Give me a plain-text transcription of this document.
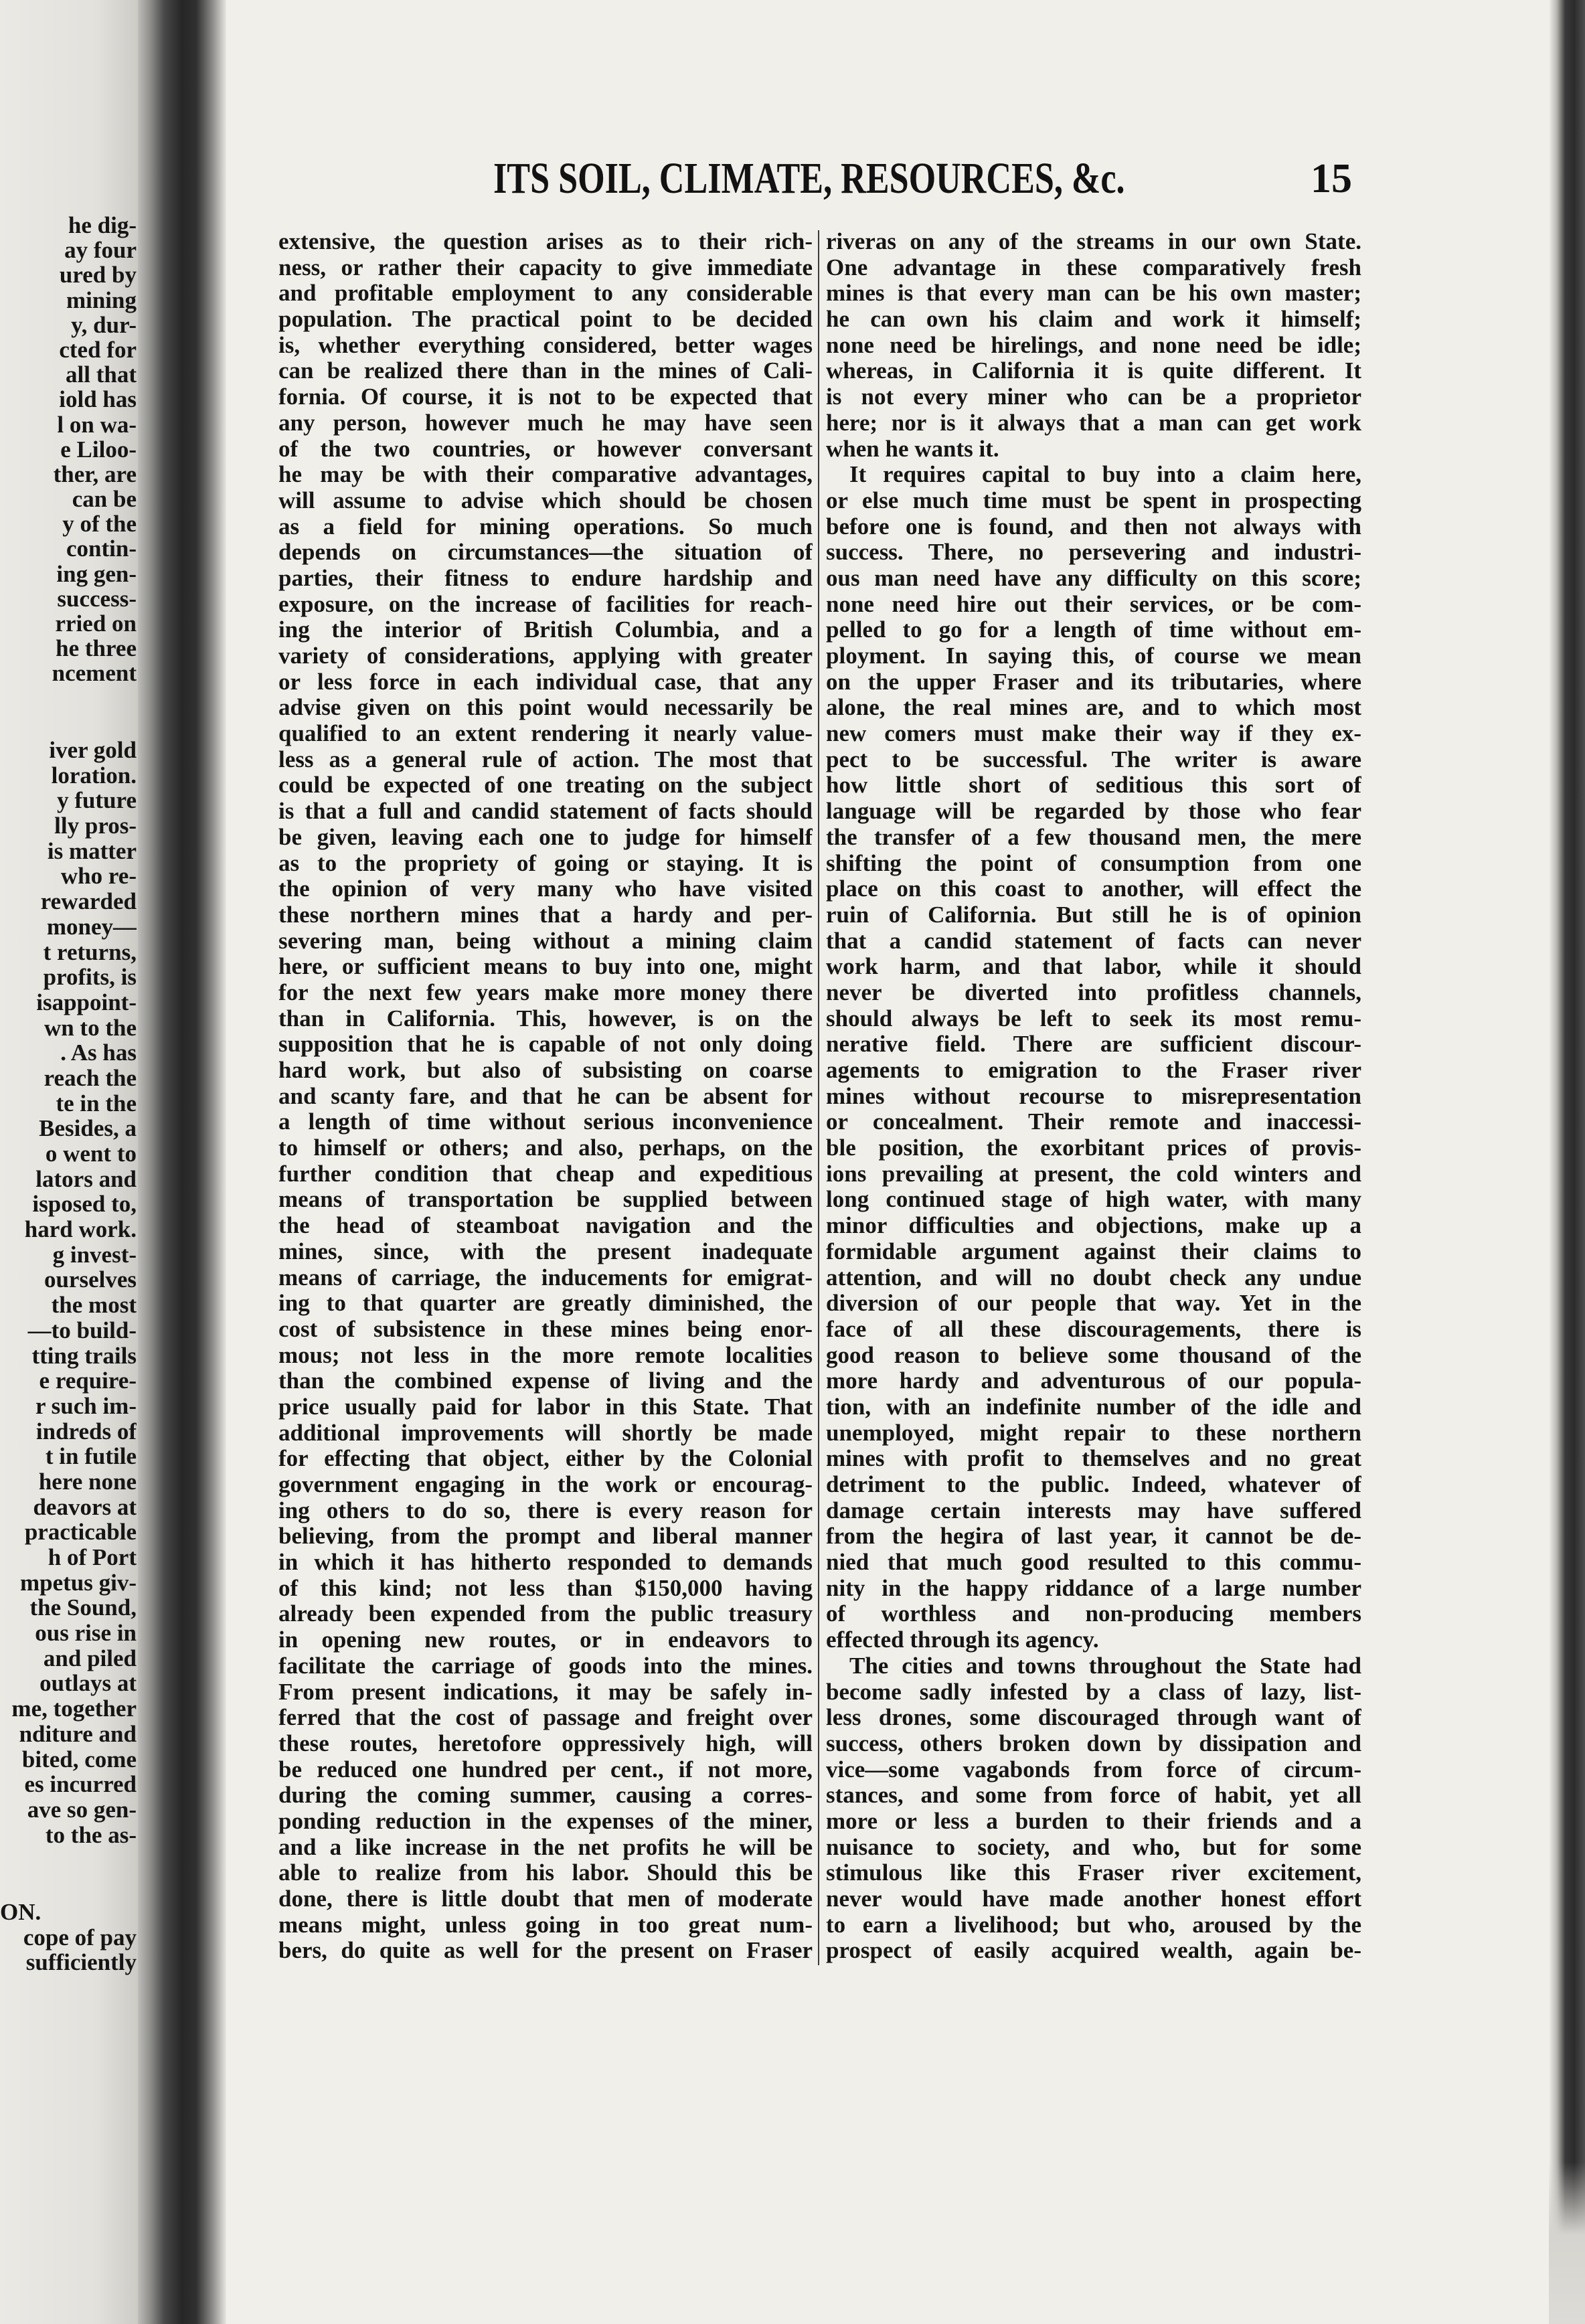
he dig-
ay four
ured by
mining
y, dur-
cted for
all that
iold has
l on wa-
e Liloo-
ther, are
can be
y of the
contin-
ing gen-
success-
rried on
he three
ncement
iver gold
loration.
y future
lly pros-
is matter
who re-
rewarded
money—
t returns,
profits, is
isappoint-
wn to the
. As has
reach the
te in the
Besides, a
o went to
lators and
isposed to,
hard work.
g invest-
ourselves
the most
—to build-
tting trails
e require-
r such im-
indreds of
t in futile
here none
deavors at
practicable
h of Port
mpetus giv-
the Sound,
ous rise in
and piled
outlays at
me, together
nditure and
bited, come
es incurred
ave so gen-
to the as-
ON.
cope of pay
sufficiently
ITS SOIL, CLIMATE, RESOURCES, &c.	15
extensive, the question arises as to their rich-
ness, or rather their capacity to give immediate
and profitable employment to any considerable
population. The practical point to be decided
is, whether everything considered, better wages
can be realized there than in the mines of Cali-
fornia. Of course, it is not to be expected that
any person, however much he may have seen
of the two countries, or however conversant
he may be with their comparative advantages,
will assume to advise which should be chosen
as a field for mining operations. So much
depends on circumstances—the situation of
parties, their fitness to endure hardship and
exposure, on the increase of facilities for reach-
ing the interior of British Columbia, and a
variety of considerations, applying with greater
or less force in each individual case, that any
advise given on this point would necessarily be
qualified to an extent rendering it nearly value-
less as a general rule of action. The most that
could be expected of one treating on the subject
is that a full and candid statement of facts should
be given, leaving each one to judge for himself
as to the propriety of going or staying. It is
the opinion of very many who have visited
these northern mines that a hardy and per-
severing man, being without a mining claim
here, or sufficient means to buy into one, might
for the next few years make more money there
than in California. This, however, is on the
supposition that he is capable of not only doing
hard work, but also of subsisting on coarse
and scanty fare, and that he can be absent for
a length of time without serious inconvenience
to himself or others; and also, perhaps, on the
further condition that cheap and expeditious
means of transportation be supplied between
the head of steamboat navigation and the
mines, since, with the present inadequate
means of carriage, the inducements for emigrat-
ing to that quarter are greatly diminished, the
cost of subsistence in these mines being enor-
mous; not less in the more remote localities
than the combined expense of living and the
price usually paid for labor in this State. That
additional improvements will shortly be made
for effecting that object, either by the Colonial
government engaging in the work or encourag-
ing others to do so, there is every reason for
believing, from the prompt and liberal manner
in which it has hitherto responded to demands
of this kind; not less than $150,000 having
already been expended from the public treasury
in opening new routes, or in endeavors to
facilitate the carriage of goods into the mines.
From present indications, it may be safely in-
ferred that the cost of passage and freight over
these routes, heretofore oppressively high, will
be reduced one hundred per cent., if not more,
during the coming summer, causing a corres-
ponding reduction in the expenses of the miner,
and a like increase in the net profits he will be
able to realize from his labor. Should this be
done, there is little doubt that men of moderate
means might, unless going in too great num-
bers, do quite as well for the present on Fraser
riveras on any of the streams in our own State.
One advantage in these comparatively fresh
mines is that every man can be his own master;
he can own his claim and work it himself;
none need be hirelings, and none need be idle;
whereas, in California it is quite different. It
is not every miner who can be a proprietor
here; nor is it always that a man can get work
when he wants it.
It requires capital to buy into a claim here,
or else much time must be spent in prospecting
before one is found, and then not always with
success. There, no persevering and industri-
ous man need have any difficulty on this score;
none need hire out their services, or be com-
pelled to go for a length of time without em-
ployment. In saying this, of course we mean
on the upper Fraser and its tributaries, where
alone, the real mines are, and to which most
new comers must make their way if they ex-
pect to be successful. The writer is aware
how little short of seditious this sort of
language will be regarded by those who fear
the transfer of a few thousand men, the mere
shifting the point of consumption from one
place on this coast to another, will effect the
ruin of California. But still he is of opinion
that a candid statement of facts can never
work harm, and that labor, while it should
never be diverted into profitless channels,
should always be left to seek its most remu-
nerative field. There are sufficient discour-
agements to emigration to the Fraser river
mines without recourse to misrepresentation
or concealment. Their remote and inaccessi-
ble position, the exorbitant prices of provis-
ions prevailing at present, the cold winters and
long continued stage of high water, with many
minor difficulties and objections, make up a
formidable argument against their claims to
attention, and will no doubt check any undue
diversion of our people that way. Yet in the
face of all these discouragements, there is
good reason to believe some thousand of the
more hardy and adventurous of our popula-
tion, with an indefinite number of the idle and
unemployed, might repair to these northern
mines with profit to themselves and no great
detriment to the public. Indeed, whatever of
damage certain interests may have suffered
from the hegira of last year, it cannot be de-
nied that much good resulted to this commu-
nity in the happy riddance of a large number
of worthless and non-producing members
effected through its agency.
The cities and towns throughout the State had
become sadly infested by a class of lazy, list-
less drones, some discouraged through want of
success, others broken down by dissipation and
vice—some vagabonds from force of circum-
stances, and some from force of habit, yet all
more or less a burden to their friends and a
nuisance to society, and who, but for some
stimulous like this Fraser river excitement,
never would have made another honest effort
to earn a livelihood; but who, aroused by the
prospect of easily acquired wealth, again be-
